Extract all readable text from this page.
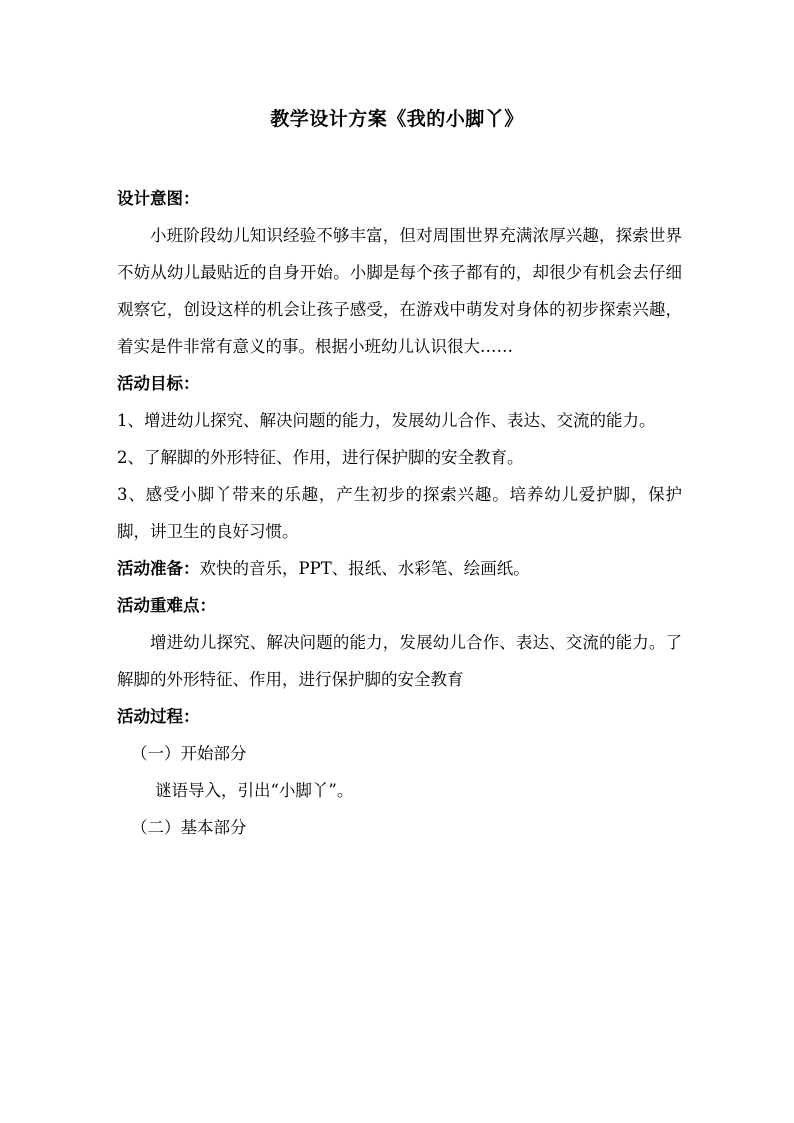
教学设计方案《我的小脚丫》

设计意图：

小班阶段幼儿知识经验不够丰富，但对周围世界充满浓厚兴趣，探索世界不妨从幼儿最贴近的自身开始。小脚是每个孩子都有的，却很少有机会去仔细观察它，创设这样的机会让孩子感受，在游戏中萌发对身体的初步探索兴趣，着实是件非常有意义的事。根据小班幼儿认识很大……

活动目标：

1、增进幼儿探究、解决问题的能力，发展幼儿合作、表达、交流的能力。

2、了解脚的外形特征、作用，进行保护脚的安全教育。

3、感受小脚丫带来的乐趣，产生初步的探索兴趣。培养幼儿爱护脚，保护脚，讲卫生的良好习惯。

活动准备：欢快的音乐，PPT、报纸、水彩笔、绘画纸。

活动重难点：

增进幼儿探究、解决问题的能力，发展幼儿合作、表达、交流的能力。了解脚的外形特征、作用，进行保护脚的安全教育

活动过程：

（一）开始部分

谜语导入，引出“小脚丫”。

（二）基本部分
